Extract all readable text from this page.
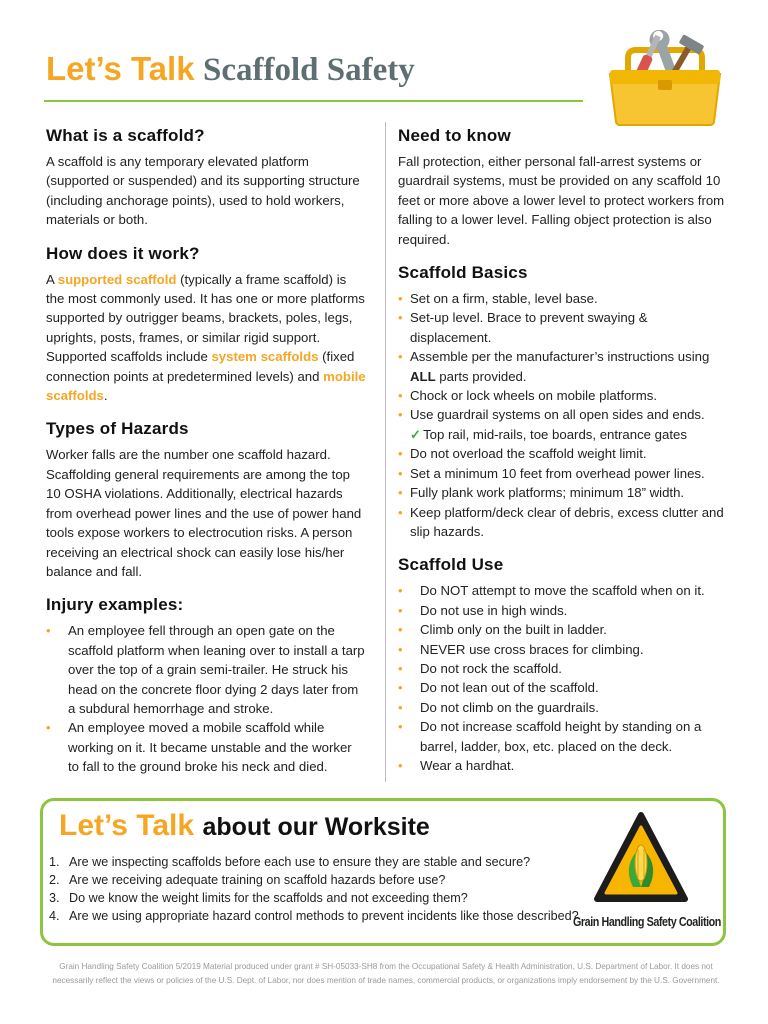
Let’s Talk Scaffold Safety
What is a scaffold?

A scaffold is any temporary elevated platform (supported or suspended) and its supporting structure (including anchorage points), used to hold workers, materials or both.

How does it work?

A supported scaffold (typically a frame scaffold) is the most commonly used. It has one or more platforms supported by outrigger beams, brackets, poles, legs, uprights, posts, frames, or similar rigid support. Supported scaffolds include system scaffolds (fixed connection points at predetermined levels) and mobile scaffolds.

Types of Hazards

Worker falls are the number one scaffold hazard. Scaffolding general requirements are among the top 10 OSHA violations. Additionally, electrical hazards from overhead power lines and the use of power hand tools expose workers to electrocution risks. A person receiving an electrical shock can easily lose his/her balance and fall.

Injury examples:
• An employee fell through an open gate on the scaffold platform when leaning over to install a tarp over the top of a grain semi-trailer. He struck his head on the concrete floor dying 2 days later from a subdural hemorrhage and stroke.
• An employee moved a mobile scaffold while working on it. It became unstable and the worker to fall to the ground broke his neck and died.
Need to know

Fall protection, either personal fall-arrest systems or guardrail systems, must be provided on any scaffold 10 feet or more above a lower level to protect workers from falling to a lower level. Falling object protection is also required.

Scaffold Basics
• Set on a firm, stable, level base.
• Set-up level. Brace to prevent swaying & displacement.
• Assemble per the manufacturer’s instructions using ALL parts provided.
• Chock or lock wheels on mobile platforms.
• Use guardrail systems on all open sides and ends.
✓ Top rail, mid-rails, toe boards, entrance gates
• Do not overload the scaffold weight limit.
• Set a minimum 10 feet from overhead power lines.
• Fully plank work platforms; minimum 18” width.
• Keep platform/deck clear of debris, excess clutter and slip hazards.
Scaffold Use
• Do NOT attempt to move the scaffold when on it.
• Do not use in high winds.
• Climb only on the built in ladder.
• NEVER use cross braces for climbing.
• Do not rock the scaffold.
• Do not lean out of the scaffold.
• Do not climb on the guardrails.
• Do not increase scaffold height by standing on a barrel, ladder, box, etc. placed on the deck.
• Wear a hardhat.
Let’s Talk about our Worksite
1. Are we inspecting scaffolds before each use to ensure they are stable and secure?
2. Are we receiving adequate training on scaffold hazards before use?
3. Do we know the weight limits for the scaffolds and not exceeding them?
4. Are we using appropriate hazard control methods to prevent incidents like those described?
Grain Handling Safety Coalition
Grain Handling Safety Coalition 5/2019 Material produced under grant # SH-05033-SH8 from the Occupational Safety & Health Administration, U.S. Department of Labor. It does not necessarily reflect the views or policies of the U.S. Dept. of Labor, nor does mention of trade names, commercial products, or organizations imply endorsement by the U.S. Government.
